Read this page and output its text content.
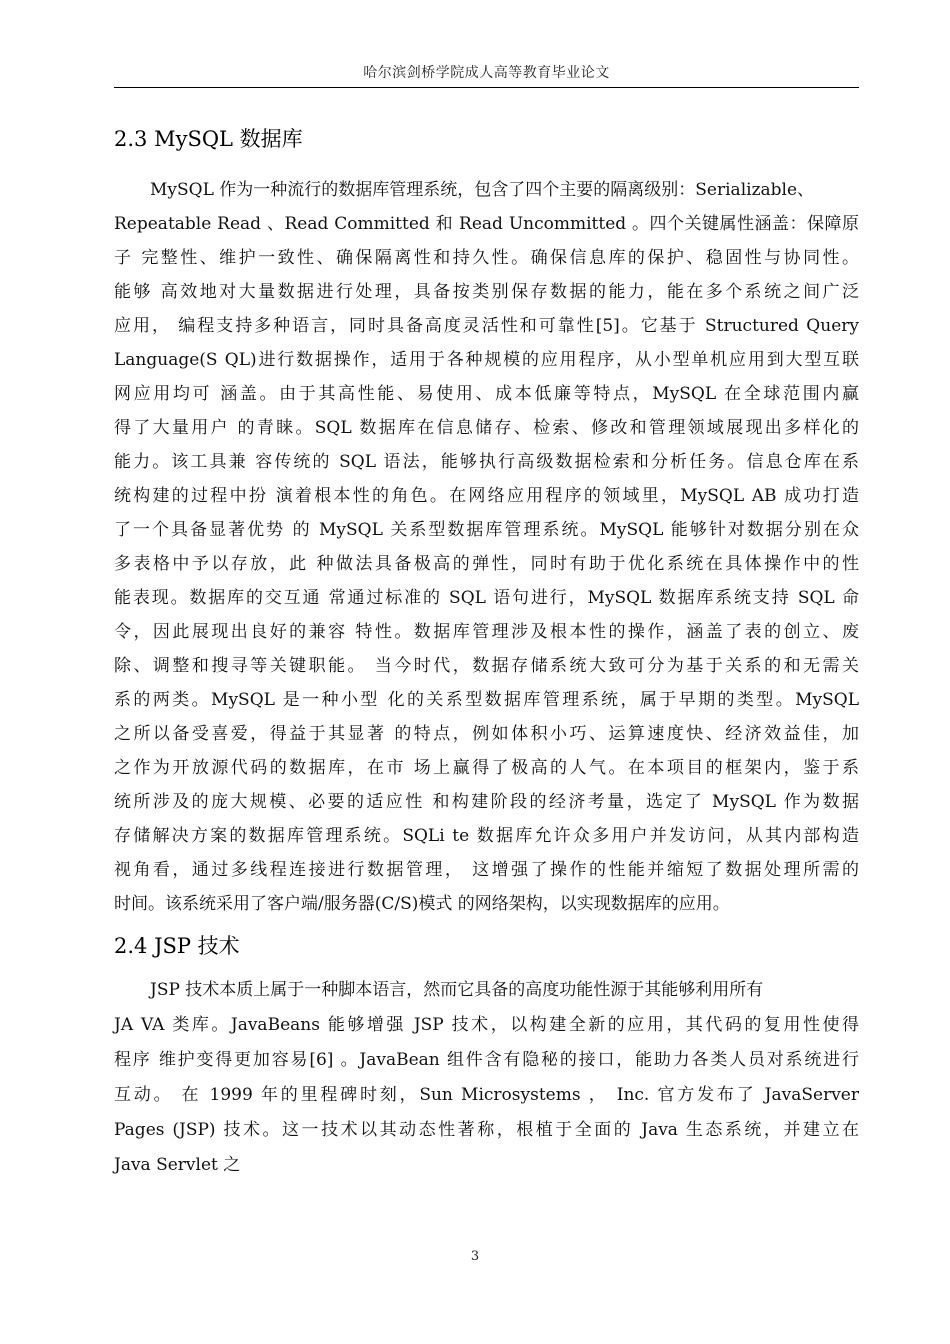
哈尔滨剑桥学院成人高等教育毕业论文
2.3 MySQL 数据库
MySQL 作为一种流行的数据库管理系统，包含了四个主要的隔离级别：Serializable、
Repeatable Read 、Read Committed 和 Read Uncommitted 。四个关键属性涵盖：保障原
子 完整性、维护一致性、确保隔离性和持久性。确保信息库的保护、稳固性与协同性。
能够 高效地对大量数据进行处理，具备按类别保存数据的能力，能在多个系统之间广泛
应用， 编程支持多种语言，同时具备高度灵活性和可靠性[5]。它基于 Structured Query
Language(S QL)进行数据操作，适用于各种规模的应用程序，从小型单机应用到大型互联
网应用均可 涵盖。由于其高性能、易使用、成本低廉等特点，MySQL 在全球范围内赢
得了大量用户 的青睐。SQL 数据库在信息储存、检索、修改和管理领域展现出多样化的
能力。该工具兼 容传统的 SQL 语法，能够执行高级数据检索和分析任务。信息仓库在系
统构建的过程中扮 演着根本性的角色。在网络应用程序的领域里，MySQL AB 成功打造
了一个具备显著优势 的 MySQL 关系型数据库管理系统。MySQL 能够针对数据分别在众
多表格中予以存放，此 种做法具备极高的弹性，同时有助于优化系统在具体操作中的性
能表现。数据库的交互通 常通过标准的 SQL 语句进行，MySQL 数据库系统支持 SQL 命
令，因此展现出良好的兼容 特性。数据库管理涉及根本性的操作，涵盖了表的创立、废
除、调整和搜寻等关键职能。 当今时代，数据存储系统大致可分为基于关系的和无需关
系的两类。MySQL 是一种小型 化的关系型数据库管理系统，属于早期的类型。MySQL
之所以备受喜爱，得益于其显著 的特点，例如体积小巧、运算速度快、经济效益佳，加
之作为开放源代码的数据库，在市 场上赢得了极高的人气。在本项目的框架内，鉴于系
统所涉及的庞大规模、必要的适应性 和构建阶段的经济考量，选定了 MySQL 作为数据
存储解决方案的数据库管理系统。SQLi te 数据库允许众多用户并发访问，从其内部构造
视角看，通过多线程连接进行数据管理， 这增强了操作的性能并缩短了数据处理所需的
时间。该系统采用了客户端/服务器(C/S)模式 的网络架构，以实现数据库的应用。
2.4 JSP 技术
JSP 技术本质上属于一种脚本语言，然而它具备的高度功能性源于其能够利用所有
JA VA 类库。JavaBeans 能够增强 JSP 技术，以构建全新的应用，其代码的复用性使得
程序 维护变得更加容易[6] 。JavaBean 组件含有隐秘的接口，能助力各类人员对系统进行
互动。 在 1999 年的里程碑时刻，Sun Microsystems ， Inc. 官方发布了 JavaServer
Pages (JSP) 技术。这一技术以其动态性著称，根植于全面的 Java 生态系统，并建立在
Java Servlet 之
3
